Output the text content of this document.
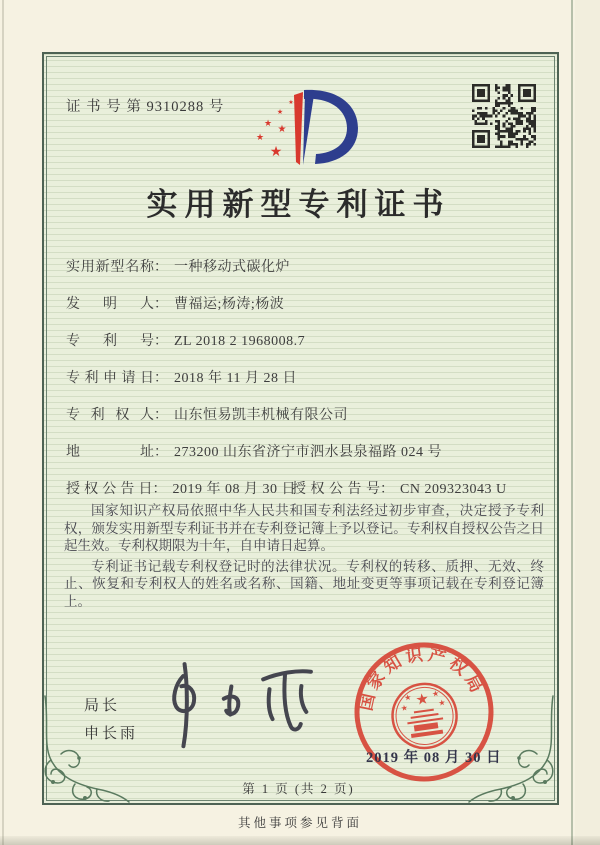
证 书 号 第 9310288 号	★
★
★ ★
★
★
实用新型专利证书
实用新型名称 ： 一种移动式碳化炉
发明人 ： 曹福运;杨涛;杨波
专利号 ： ZL 2018 2 1968008.7
专利申请日 ： 2018 年 11 月 28 日
专利权人 ： 山东恒易凯丰机械有限公司
地址 ： 273200 山东省济宁市泗水县泉福路 024 号
授权公告日 ： 2019 年 08 月 30 日
授权公告号 ： CN 209323043 U

国家知识产权局依照中华人民共和国专利法经过初步审查，决定授予专利权，颁发实用新型专利证书并在专利登记簿上予以登记。专利权自授权公告之日起生效。专利权期限为十年，自申请日起算。

专利证书记载专利权登记时的法律状况。专利权的转移、质押、无效、终止、恢复和专利权人的姓名或名称、国籍、地址变更等事项记载在专利登记簿上。

局长
申长雨
国家知识产权局
★
★ ★
★
★
2019 年 08 月 30 日
第 1 页 (共 2 页)
其他事项参见背面
